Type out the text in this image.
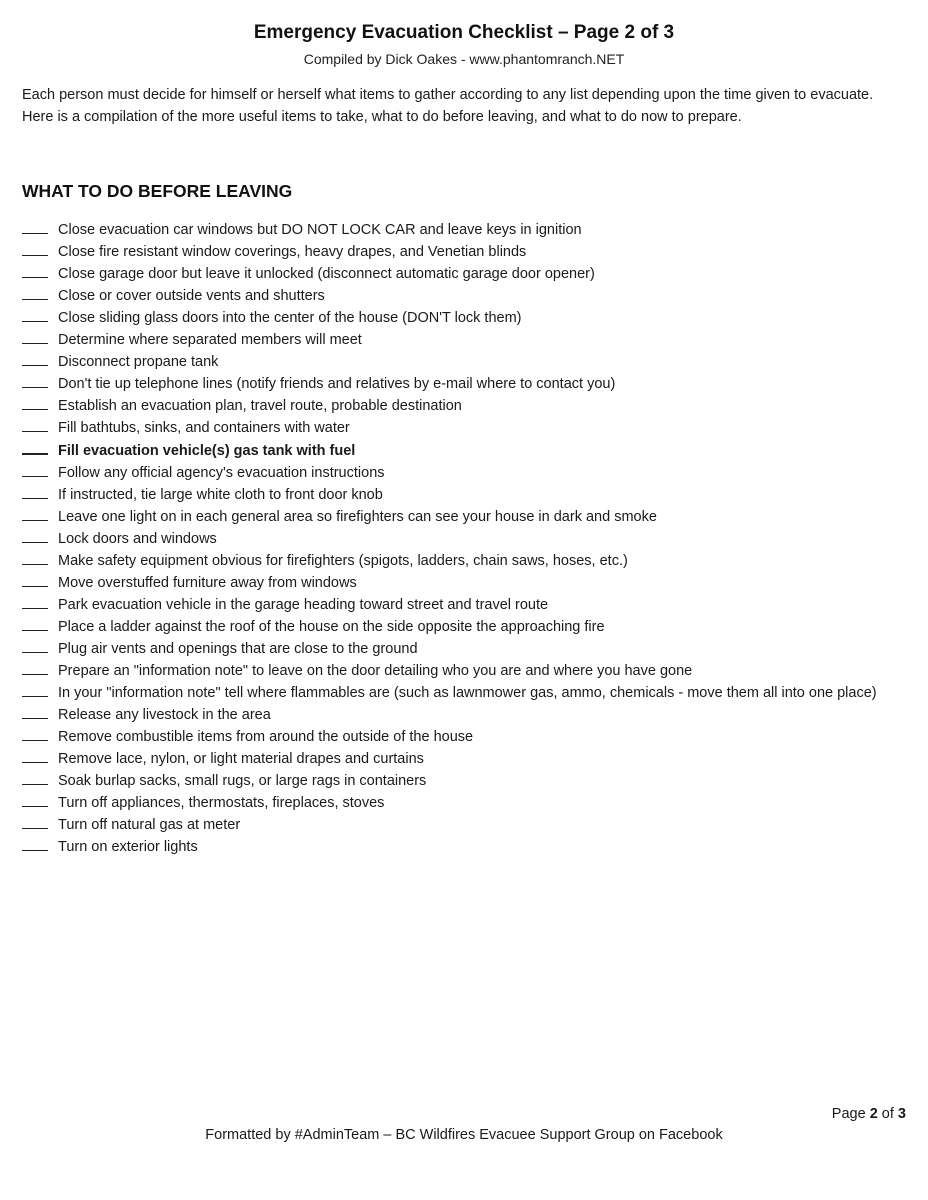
Emergency Evacuation Checklist – Page 2 of 3
Compiled by Dick Oakes - www.phantomranch.NET

Each person must decide for himself or herself what items to gather according to any list depending upon the time given to evacuate. Here is a compilation of the more useful items to take, what to do before leaving, and what to do now to prepare.

WHAT TO DO BEFORE LEAVING
Close evacuation car windows but DO NOT LOCK CAR and leave keys in ignition
Close fire resistant window coverings, heavy drapes, and Venetian blinds
Close garage door but leave it unlocked (disconnect automatic garage door opener)
Close or cover outside vents and shutters
Close sliding glass doors into the center of the house (DON'T lock them)
Determine where separated members will meet
Disconnect propane tank
Don't tie up telephone lines (notify friends and relatives by e-mail where to contact you)
Establish an evacuation plan, travel route, probable destination
Fill bathtubs, sinks, and containers with water
Fill evacuation vehicle(s) gas tank with fuel
Follow any official agency's evacuation instructions
If instructed, tie large white cloth to front door knob
Leave one light on in each general area so firefighters can see your house in dark and smoke
Lock doors and windows
Make safety equipment obvious for firefighters (spigots, ladders, chain saws, hoses, etc.)
Move overstuffed furniture away from windows
Park evacuation vehicle in the garage heading toward street and travel route
Place a ladder against the roof of the house on the side opposite the approaching fire
Plug air vents and openings that are close to the ground
Prepare an "information note" to leave on the door detailing who you are and where you have gone
In your "information note" tell where flammables are (such as lawnmower gas, ammo, chemicals - move them all into one place)
Release any livestock in the area
Remove combustible items from around the outside of the house
Remove lace, nylon, or light material drapes and curtains
Soak burlap sacks, small rugs, or large rags in containers
Turn off appliances, thermostats, fireplaces, stoves
Turn off natural gas at meter
Turn on exterior lights
Page 2 of 3
Formatted by #AdminTeam – BC Wildfires Evacuee Support Group on Facebook
